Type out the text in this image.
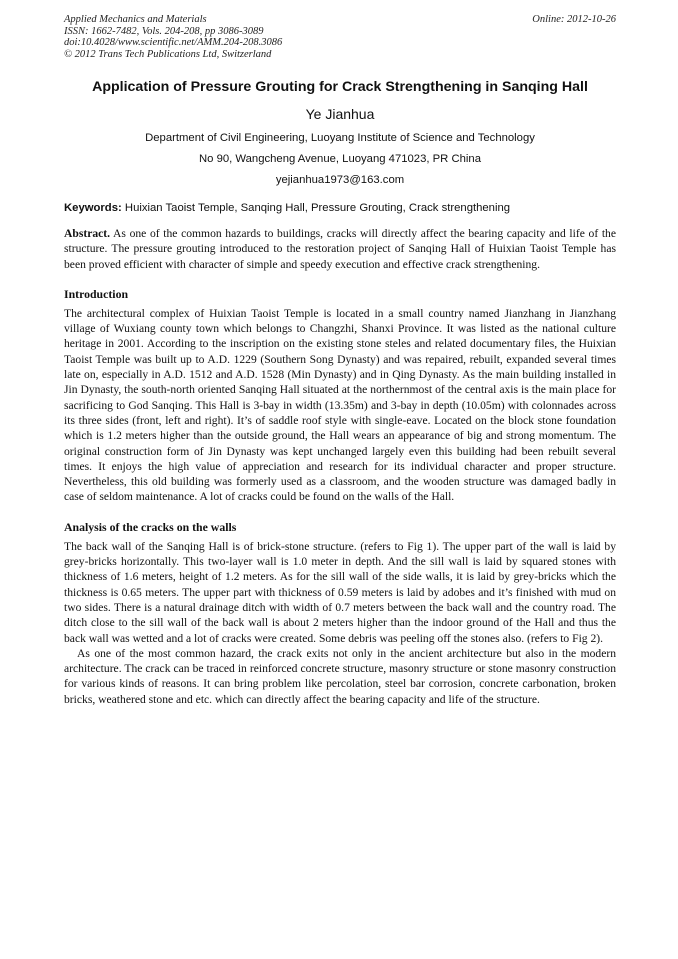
Applied Mechanics and Materials	Online: 2012-10-26
ISSN: 1662-7482, Vols. 204-208, pp 3086-3089
doi:10.4028/www.scientific.net/AMM.204-208.3086
© 2012 Trans Tech Publications Ltd, Switzerland
Application of Pressure Grouting for Crack Strengthening in Sanqing Hall
Ye Jianhua
Department of Civil Engineering, Luoyang Institute of Science and Technology
No 90, Wangcheng Avenue, Luoyang 471023, PR China
yejianhua1973@163.com
Keywords: Huixian Taoist Temple, Sanqing Hall, Pressure Grouting, Crack strengthening

Abstract. As one of the common hazards to buildings, cracks will directly affect the bearing capacity and life of the structure. The pressure grouting introduced to the restoration project of Sanqing Hall of Huixian Taoist Temple has been proved efficient with character of simple and speedy execution and effective crack strengthening.

Introduction

The architectural complex of Huixian Taoist Temple is located in a small country named Jianzhang in Jianzhang village of Wuxiang county town which belongs to Changzhi, Shanxi Province. It was listed as the national culture heritage in 2001. According to the inscription on the existing stone steles and related documentary files, the Huixian Taoist Temple was built up to A.D. 1229 (Southern Song Dynasty) and was repaired, rebuilt, expanded several times late on, especially in A.D. 1512 and A.D. 1528 (Min Dynasty) and in Qing Dynasty. As the main building installed in Jin Dynasty, the south-north oriented Sanqing Hall situated at the northernmost of the central axis is the main place for sacrificing to God Sanqing. This Hall is 3-bay in width (13.35m) and 3-bay in depth (10.05m) with colonnades across its three sides (front, left and right). It’s of saddle roof style with single-eave. Located on the block stone foundation which is 1.2 meters higher than the outside ground, the Hall wears an appearance of big and strong momentum. The original construction form of Jin Dynasty was kept unchanged largely even this building had been rebuilt several times. It enjoys the high value of appreciation and research for its individual character and proper structure. Nevertheless, this old building was formerly used as a classroom, and the wooden structure was damaged badly in case of seldom maintenance. A lot of cracks could be found on the walls of the Hall.

Analysis of the cracks on the walls

The back wall of the Sanqing Hall is of brick-stone structure. (refers to Fig 1). The upper part of the wall is laid by grey-bricks horizontally. This two-layer wall is 1.0 meter in depth. And the sill wall is laid by squared stones with thickness of 1.6 meters, height of 1.2 meters. As for the sill wall of the side walls, it is laid by grey-bricks which the thickness is 0.65 meters. The upper part with thickness of 0.59 meters is laid by adobes and it’s finished with mud on two sides. There is a natural drainage ditch with width of 0.7 meters between the back wall and the country road. The ditch close to the sill wall of the back wall is about 2 meters higher than the indoor ground of the Hall and thus the back wall was wetted and a lot of cracks were created. Some debris was peeling off the stones also. (refers to Fig 2).

As one of the most common hazard, the crack exits not only in the ancient architecture but also in the modern architecture. The crack can be traced in reinforced concrete structure, masonry structure or stone masonry construction for various kinds of reasons. It can bring problem like percolation, steel bar corrosion, concrete carbonation, broken bricks, weathered stone and etc. which can directly affect the bearing capacity and life of the structure.
